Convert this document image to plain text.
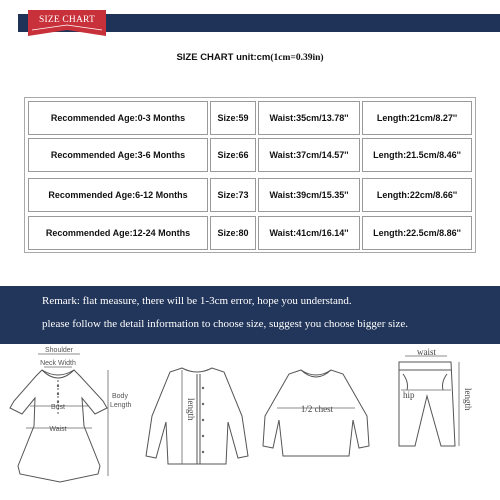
SIZE CHART
SIZE CHART unit:cm(1cm=0.39in)
Recommended Age:0-3 Months	Size:59	Waist:35cm/13.78''	Length:21cm/8.27''
Recommended Age:3-6 Months	Size:66	Waist:37cm/14.57''	Length:21.5cm/8.46''
Recommended Age:6-12 Months	Size:73	Waist:39cm/15.35''	Length:22cm/8.66''
Recommended Age:12-24 Months	Size:80	Waist:41cm/16.14''	Length:22.5cm/8.86''
Remark: flat measure, there will be 1-3cm error, hope you understand.
please follow the detail information to choose size, suggest you choose bigger size.
Shoulder
Neck Width
Bust
Waist
Body
Length	length	1/2 chest
waist
hip	length
